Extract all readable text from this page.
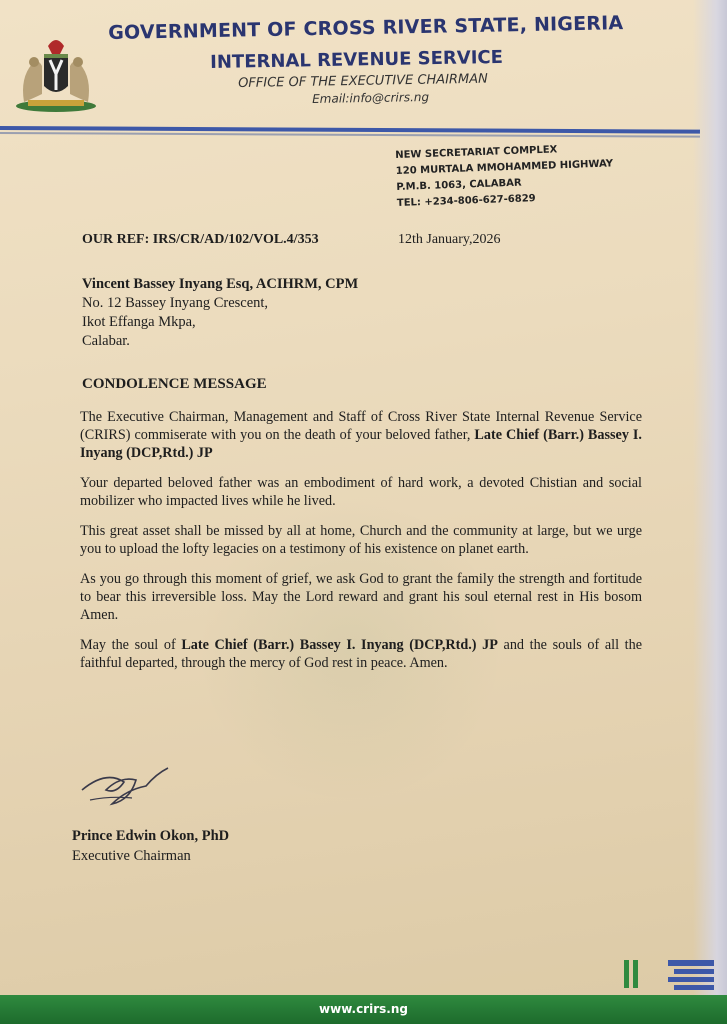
GOVERNMENT OF CROSS RIVER STATE, NIGERIA
INTERNAL REVENUE SERVICE
OFFICE OF THE EXECUTIVE CHAIRMAN
Email:info@crirs.ng
NEW SECRETARIAT COMPLEX
120 MURTALA MMOHAMMED HIGHWAY
P.M.B. 1063, CALABAR
TEL: +234-806-627-6829
OUR REF: IRS/CR/AD/102/VOL.4/353	12th January,2026
Vincent Bassey Inyang Esq, ACIHRM, CPM
No. 12 Bassey Inyang Crescent,
Ikot Effanga Mkpa,
Calabar.
CONDOLENCE MESSAGE

The Executive Chairman, Management and Staff of Cross River State Internal Revenue Service (CRIRS) commiserate with you on the death of your beloved father, Late Chief (Barr.) Bassey I. Inyang (DCP,Rtd.) JP

Your departed beloved father was an embodiment of hard work, a devoted Chistian and social mobilizer who impacted lives while he lived.

This great asset shall be missed by all at home, Church and the community at large, but we urge you to upload the lofty legacies on a testimony of his existence on planet earth.

As you go through this moment of grief, we ask God to grant the family the strength and fortitude to bear this irreversible loss. May the Lord reward and grant his soul eternal rest in His bosom Amen.

May the soul of Late Chief (Barr.) Bassey I. Inyang (DCP,Rtd.) JP and the souls of all the faithful departed, through the mercy of God rest in peace. Amen.

Prince Edwin Okon, PhD
Executive Chairman
www.crirs.ng
